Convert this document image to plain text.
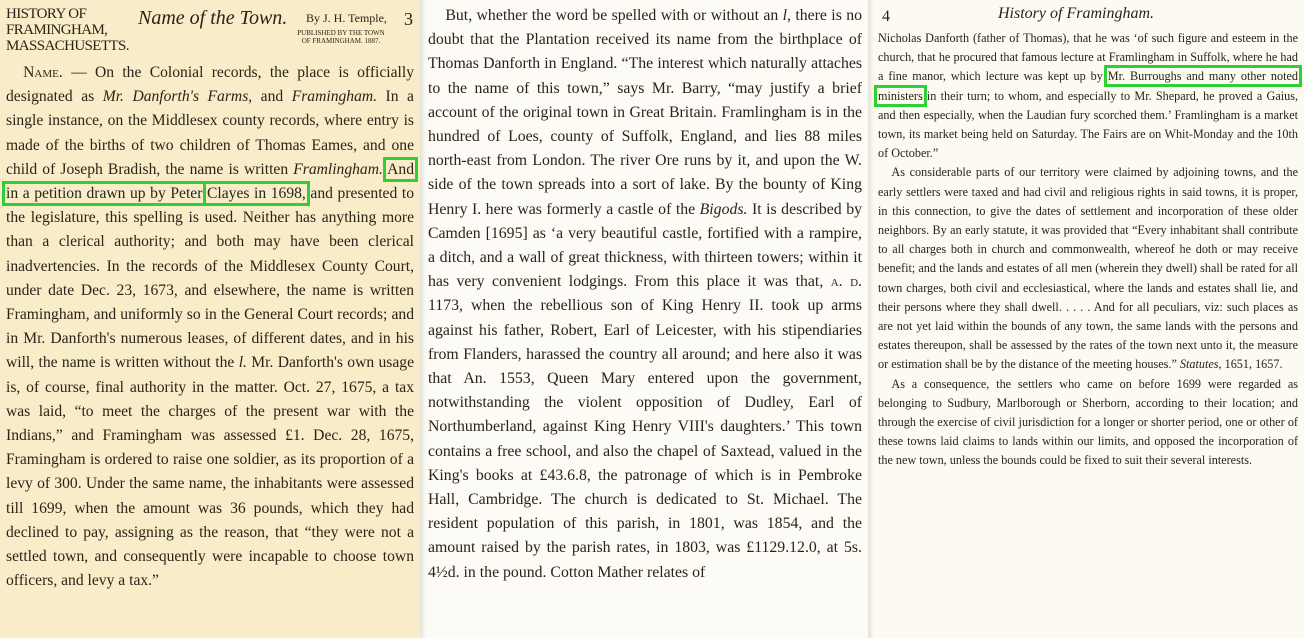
HISTORY OF FRAMINGHAM, MASSACHUSETTS.
Name of the Town. By J. H. Temple,
PUBLISHED BY THE TOWN OF FRAMINGHAM. 1887.
3

Name. — On the Colonial records, the place is officially designated as Mr. Danforth's Farms, and Framingham. In a single instance, on the Middlesex county records, where entry is made of the births of two children of Thomas Eames, and one child of Joseph Bradish, the name is written Framlingham. And in a petition drawn up by Peter Clayes in 1698, and presented to the legislature, this spelling is used. Neither has anything more than a clerical authority; and both may have been clerical inadvertencies. In the records of the Middlesex County Court, under date Dec. 23, 1673, and elsewhere, the name is written Framingham, and uniformly so in the General Court records; and in Mr. Danforth's numerous leases, of different dates, and in his will, the name is written without the l. Mr. Danforth's own usage is, of course, final authority in the matter. Oct. 27, 1675, a tax was laid, “to meet the charges of the present war with the Indians,” and Framingham was assessed £1. Dec. 28, 1675, Framingham is ordered to raise one soldier, as its proportion of a levy of 300. Under the same name, the inhabitants were assessed till 1699, when the amount was 36 pounds, which they had declined to pay, assigning as the reason, that “they were not a settled town, and consequently were incapable to choose town officers, and levy a tax.”

But, whether the word be spelled with or without an l, there is no doubt that the Plantation received its name from the birthplace of Thomas Danforth in England. “The interest which naturally attaches to the name of this town,” says Mr. Barry, “may justify a brief account of the original town in Great Britain. Framlingham is in the hundred of Loes, county of Suffolk, England, and lies 88 miles north-east from London. The river Ore runs by it, and upon the W. side of the town spreads into a sort of lake. By the bounty of King Henry I. here was formerly a castle of the Bigods. It is described by Camden [1695] as ‘a very beautiful castle, fortified with a rampire, a ditch, and a wall of great thickness, with thirteen towers; within it has very convenient lodgings. From this place it was that, a. d. 1173, when the rebellious son of King Henry II. took up arms against his father, Robert, Earl of Leicester, with his stipendiaries from Flanders, harassed the country all around; and here also it was that An. 1553, Queen Mary entered upon the government, notwithstanding the violent opposition of Dudley, Earl of Northumberland, against King Henry VIII's daughters.’ This town contains a free school, and also the chapel of Saxtead, valued in the King's books at £43.6.8, the patronage of which is in Pembroke Hall, Cambridge. The church is dedicated to St. Michael. The resident population of this parish, in 1801, was 1854, and the amount raised by the parish rates, in 1803, was £1129.12.0, at 5s. 4½d. in the pound. Cotton Mather relates of

4	History of Framingham.

Nicholas Danforth (father of Thomas), that he was ‘of such figure and esteem in the church, that he procured that famous lecture at Framlingham in Suffolk, where he had a fine manor, which lecture was kept up by Mr. Burroughs and many other noted ministers in their turn; to whom, and especially to Mr. Shepard, he proved a Gaius, and then especially, when the Laudian fury scorched them.’ Framlingham is a market town, its market being held on Saturday. The Fairs are on Whit-Monday and the 10th of October.”

As considerable parts of our territory were claimed by adjoining towns, and the early settlers were taxed and had civil and religious rights in said towns, it is proper, in this connection, to give the dates of settlement and incorporation of these older neighbors. By an early statute, it was provided that “Every inhabitant shall contribute to all charges both in church and commonwealth, whereof he doth or may receive benefit; and the lands and estates of all men (wherein they dwell) shall be rated for all town charges, both civil and ecclesiastical, where the lands and estates shall lie, and their persons where they shall dwell. . . . . And for all peculiars, viz: such places as are not yet laid within the bounds of any town, the same lands with the persons and estates thereupon, shall be assessed by the rates of the town next unto it, the measure or estimation shall be by the distance of the meeting houses.” Statutes, 1651, 1657.

As a consequence, the settlers who came on before 1699 were regarded as belonging to Sudbury, Marlborough or Sherborn, according to their location; and through the exercise of civil jurisdiction for a longer or shorter period, one or other of these towns laid claims to lands within our limits, and opposed the incorporation of the new town, unless the bounds could be fixed to suit their several interests.
